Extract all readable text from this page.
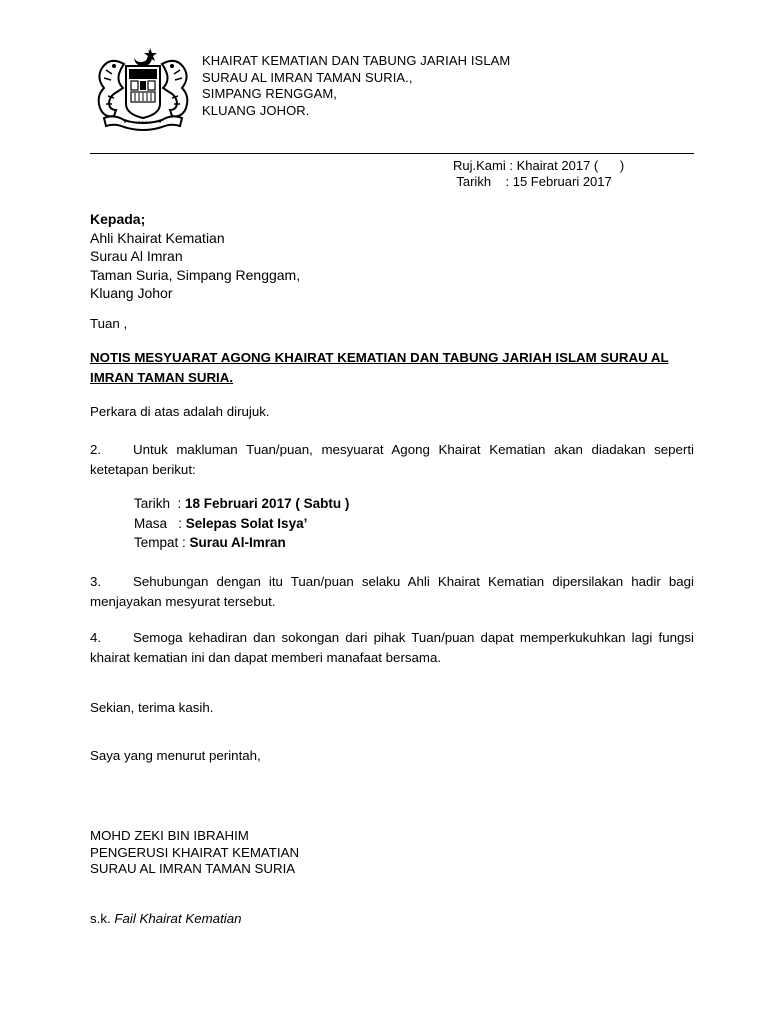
KHAIRAT KEMATIAN DAN TABUNG JARIAH ISLAM
SURAU AL IMRAN TAMAN SURIA.,
SIMPANG RENGGAM,
KLUANG JOHOR.
Ruj.Kami : Khairat 2017 (      )
Tarikh    : 15 Februari 2017
Kepada;
Ahli Khairat Kematian
Surau Al Imran
Taman Suria, Simpang Renggam,
Kluang Johor
Tuan ,
NOTIS MESYUARAT AGONG KHAIRAT KEMATIAN DAN TABUNG JARIAH ISLAM SURAU AL IMRAN TAMAN SURIA.
Perkara di atas adalah dirujuk.
2. Untuk makluman Tuan/puan, mesyuarat Agong Khairat Kematian akan diadakan seperti ketetapan berikut:
Tarikh  : 18 Februari 2017 ( Sabtu )
Masa   : Selepas Solat Isya’
Tempat : Surau Al-Imran
3. Sehubungan dengan itu Tuan/puan selaku Ahli Khairat Kematian dipersilakan hadir bagi menjayakan mesyurat tersebut.
4. Semoga kehadiran dan sokongan dari pihak Tuan/puan dapat memperkukuhkan lagi fungsi khairat kematian ini dan dapat memberi manafaat bersama.
Sekian, terima kasih.
Saya yang menurut perintah,
MOHD ZEKI BIN IBRAHIM
PENGERUSI KHAIRAT KEMATIAN
SURAU AL IMRAN TAMAN SURIA
s.k. Fail Khairat Kematian
